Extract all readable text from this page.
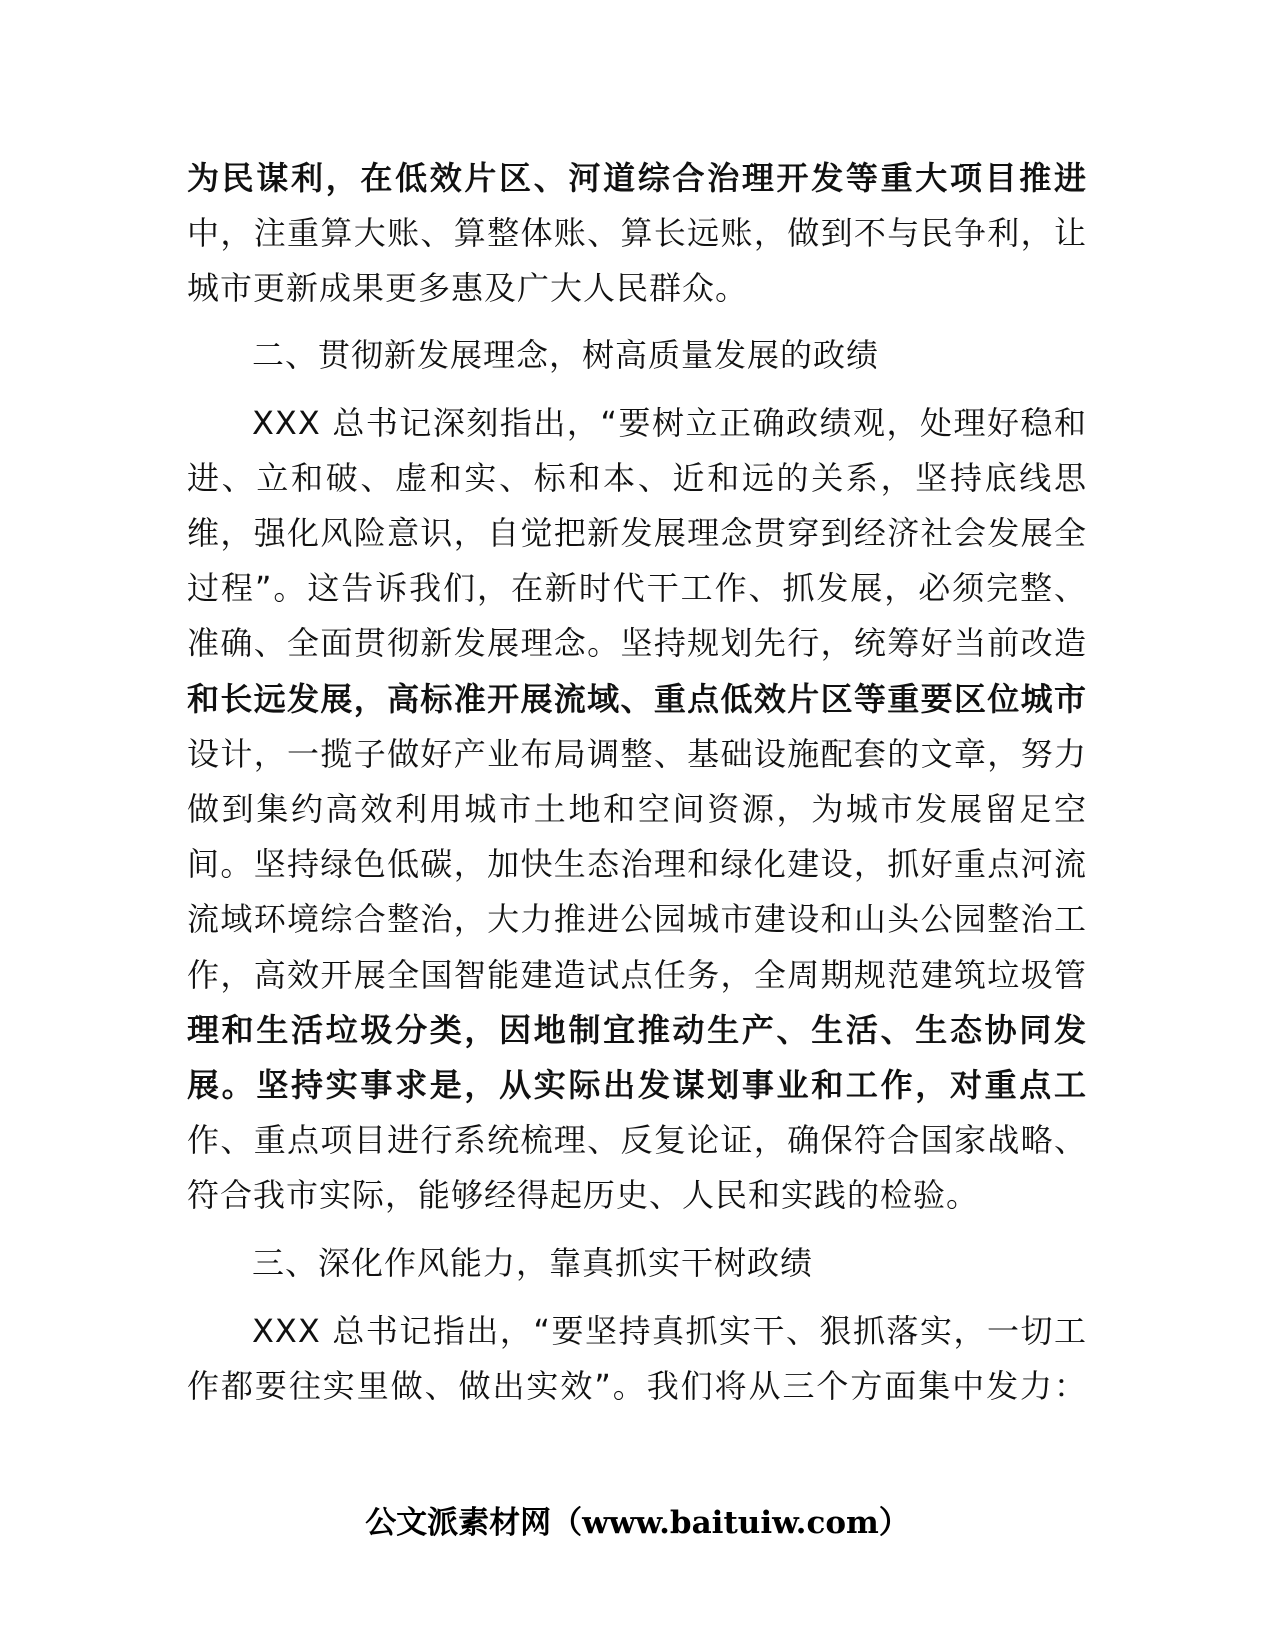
为民谋利，在低效片区、河道综合治理开发等重大项目推进
中，注重算大账、算整体账、算长远账，做到不与民争利，让
城市更新成果更多惠及广大人民群众。
二、贯彻新发展理念，树高质量发展的政绩
XXX 总书记深刻指出，“要树立正确政绩观，处理好稳和
进、立和破、虚和实、标和本、近和远的关系，坚持底线思
维，强化风险意识，自觉把新发展理念贯穿到经济社会发展全
过程”。这告诉我们，在新时代干工作、抓发展，必须完整、
准确、全面贯彻新发展理念。坚持规划先行，统筹好当前改造
和长远发展，高标准开展流域、重点低效片区等重要区位城市
设计，一揽子做好产业布局调整、基础设施配套的文章，努力
做到集约高效利用城市土地和空间资源，为城市发展留足空
间。坚持绿色低碳，加快生态治理和绿化建设，抓好重点河流
流域环境综合整治，大力推进公园城市建设和山头公园整治工
作，高效开展全国智能建造试点任务，全周期规范建筑垃圾管
理和生活垃圾分类，因地制宜推动生产、生活、生态协同发
展。坚持实事求是，从实际出发谋划事业和工作，对重点工
作、重点项目进行系统梳理、反复论证，确保符合国家战略、
符合我市实际，能够经得起历史、人民和实践的检验。
三、深化作风能力，靠真抓实干树政绩
XXX 总书记指出，“要坚持真抓实干、狠抓落实，一切工
作都要往实里做、做出实效”。我们将从三个方面集中发力：
公文派素材网（www.baituiw.com）
